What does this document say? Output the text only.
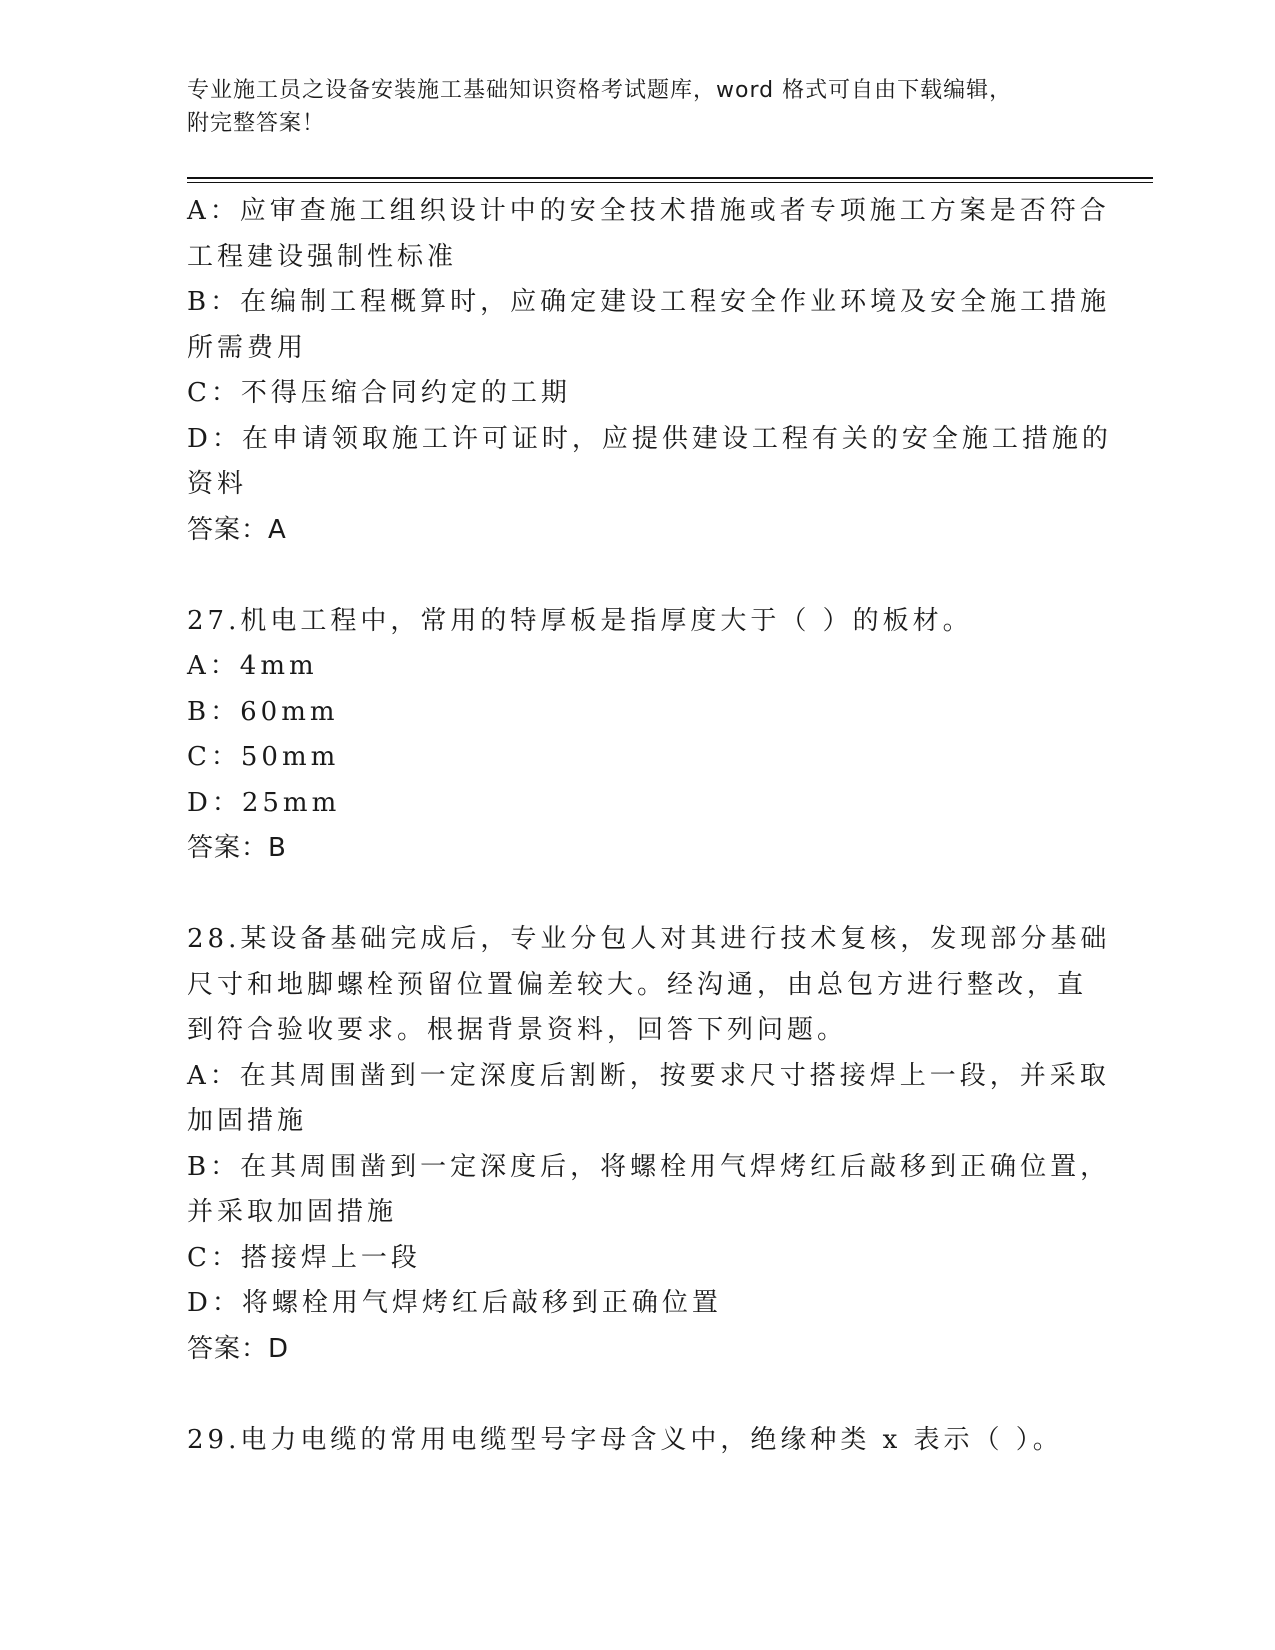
专业施工员之设备安装施工基础知识资格考试题库，word 格式可自由下载编辑，
附完整答案！
A：应审查施工组织设计中的安全技术措施或者专项施工方案是否符合
工程建设强制性标准
B：在编制工程概算时，应确定建设工程安全作业环境及安全施工措施
所需费用
C：不得压缩合同约定的工期
D：在申请领取施工许可证时，应提供建设工程有关的安全施工措施的
资料
答案：A
27.机电工程中，常用的特厚板是指厚度大于（ ）的板材。
A：4mm
B：60mm
C：50mm
D：25mm
答案：B
28.某设备基础完成后，专业分包人对其进行技术复核，发现部分基础
尺寸和地脚螺栓预留位置偏差较大。经沟通，由总包方进行整改，直
到符合验收要求。根据背景资料，回答下列问题。
A：在其周围凿到一定深度后割断，按要求尺寸搭接焊上一段，并采取
加固措施
B：在其周围凿到一定深度后，将螺栓用气焊烤红后敲移到正确位置，
并采取加固措施
C：搭接焊上一段
D：将螺栓用气焊烤红后敲移到正确位置
答案：D
29.电力电缆的常用电缆型号字母含义中，绝缘种类 x 表示（ ）。
